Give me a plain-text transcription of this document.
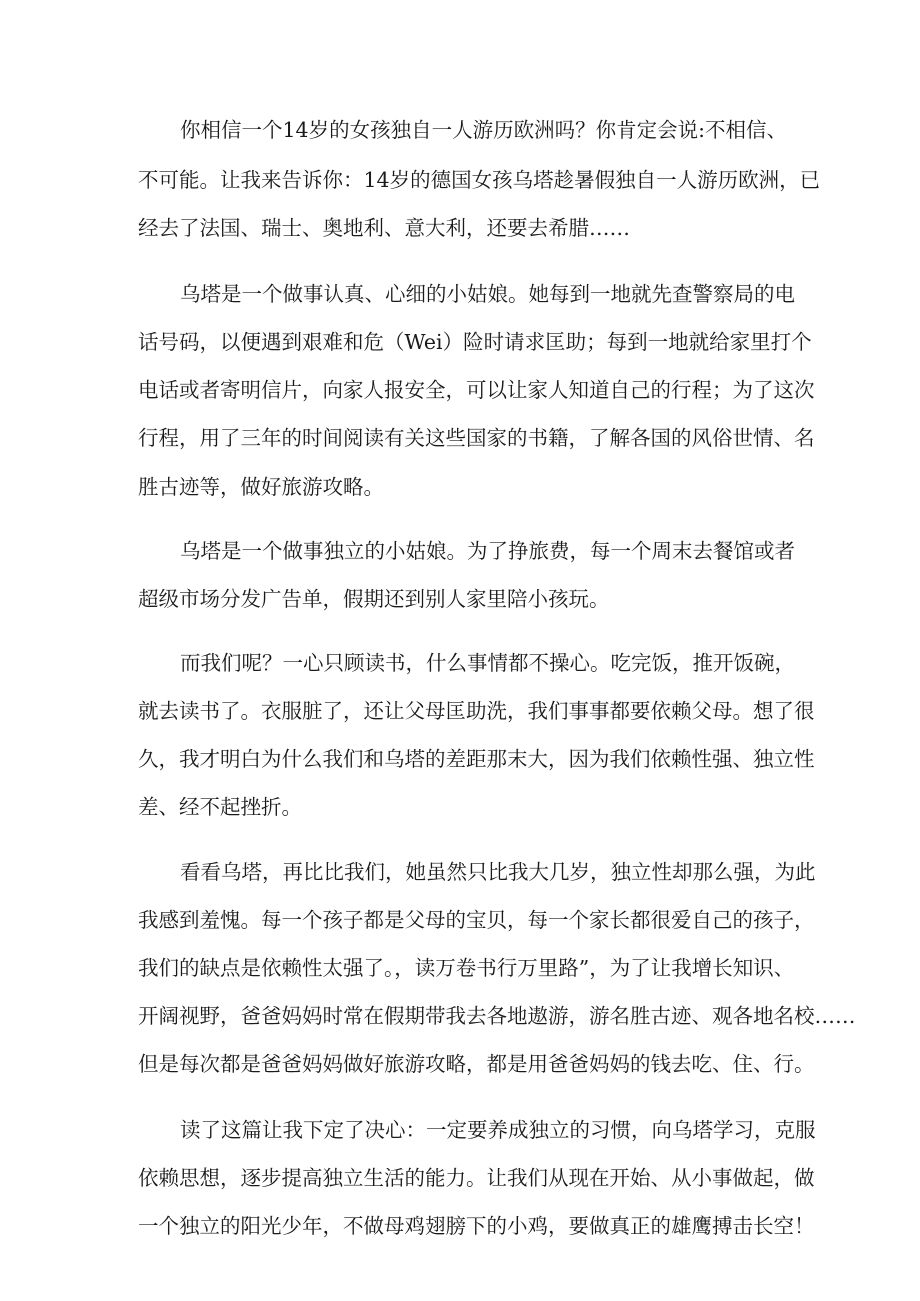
你相信一个14岁的女孩独自一人游历欧洲吗？你肯定会说:不相信、
不可能。让我来告诉你：14岁的德国女孩乌塔趁暑假独自一人游历欧洲，已
经去了法国、瑞士、奥地利、意大利，还要去希腊……
乌塔是一个做事认真、心细的小姑娘。她每到一地就先查警察局的电
话号码，以便遇到艰难和危（Wei）险时请求匡助；每到一地就给家里打个
电话或者寄明信片，向家人报安全，可以让家人知道自己的行程；为了这次
行程，用了三年的时间阅读有关这些国家的书籍，了解各国的风俗世情、名
胜古迹等，做好旅游攻略。
乌塔是一个做事独立的小姑娘。为了挣旅费，每一个周末去餐馆或者
超级市场分发广告单，假期还到别人家里陪小孩玩。
而我们呢？一心只顾读书，什么事情都不操心。吃完饭，推开饭碗，
就去读书了。衣服脏了，还让父母匡助洗，我们事事都要依赖父母。想了很
久，我才明白为什么我们和乌塔的差距那末大，因为我们依赖性强、独立性
差、经不起挫折。
看看乌塔，再比比我们，她虽然只比我大几岁，独立性却那么强，为此
我感到羞愧。每一个孩子都是父母的宝贝，每一个家长都很爱自己的孩子，
我们的缺点是依赖性太强了。，读万卷书行万里路”，为了让我增长知识、
开阔视野，爸爸妈妈时常在假期带我去各地遨游，游名胜古迹、观各地名校……
但是每次都是爸爸妈妈做好旅游攻略，都是用爸爸妈妈的钱去吃、住、行。
读了这篇让我下定了决心：一定要养成独立的习惯，向乌塔学习，克服
依赖思想，逐步提高独立生活的能力。让我们从现在开始、从小事做起，做
一个独立的阳光少年，不做母鸡翅膀下的小鸡，要做真正的雄鹰搏击长空！
